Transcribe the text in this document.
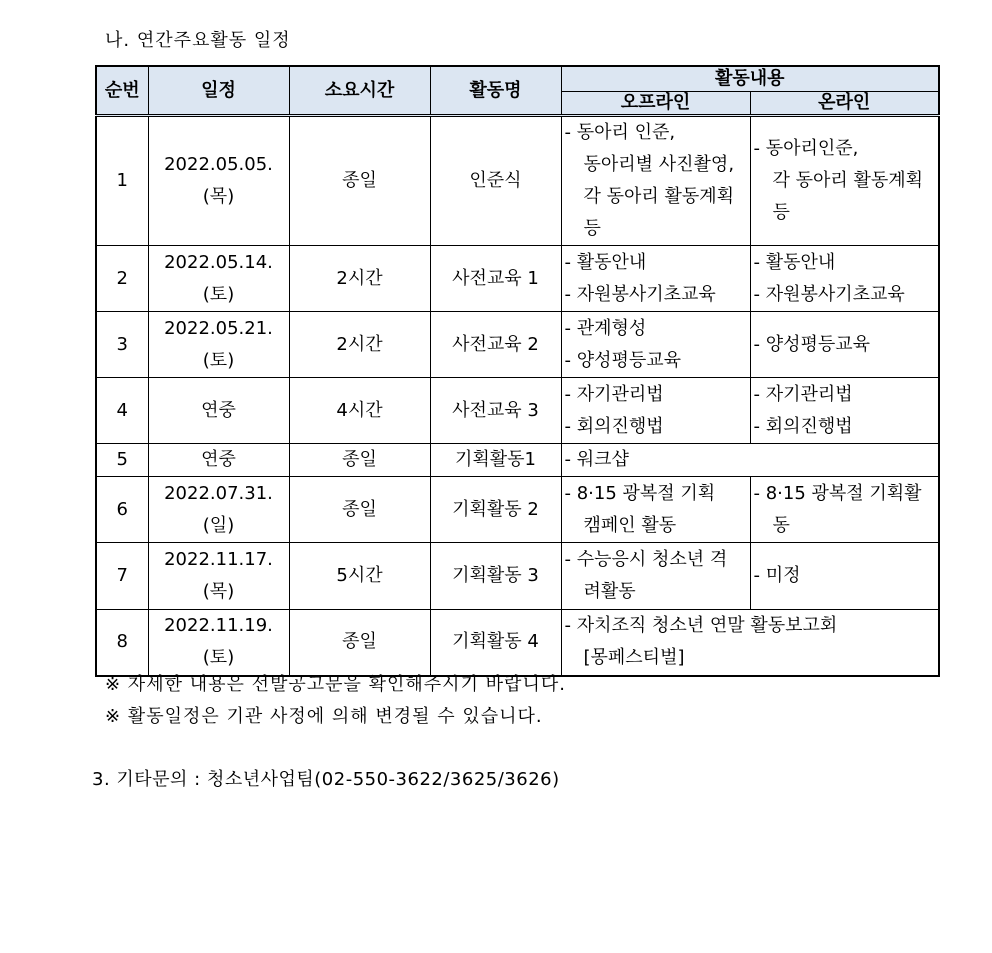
나. 연간주요활동 일정
순번	일정	소요시간	활동명	활동내용	
				오프라인	온라인
1	2022.05.05.(목)	종일	인준식	- 동아리 인준,
동아리별 사진촬영,
각 동아리 활동계획
등	- 동아리인준,
각 동아리 활동계획
등

2	2022.05.14.(토)	2시간	사전교육 1	- 활동안내
- 자원봉사기초교육	- 활동안내
- 자원봉사기초교육

3	2022.05.21.(토)	2시간	사전교육 2	- 관계형성
- 양성평등교육	- 양성평등교육

4	연중	4시간	사전교육 3	- 자기관리법
- 회의진행법	- 자기관리법
- 회의진행법

5	연중	종일	기획활동1	- 워크샵	

6	2022.07.31.(일)	종일	기획활동 2	- 8·15 광복절 기획
캠페인 활동	- 8·15 광복절 기획활
동

7	2022.11.17.(목)	5시간	기획활동 3	- 수능응시 청소년 격
려활동	- 미정

8	2022.11.19.(토)	종일	기획활동 4	- 자치조직 청소년 연말 활동보고회
[몽페스티벌]	
※ 자세한 내용은 선발공고문을 확인해주시기 바랍니다.
※ 활동일정은 기관 사정에 의해 변경될 수 있습니다.
3. 기타문의 : 청소년사업팀(02-550-3622/3625/3626)
